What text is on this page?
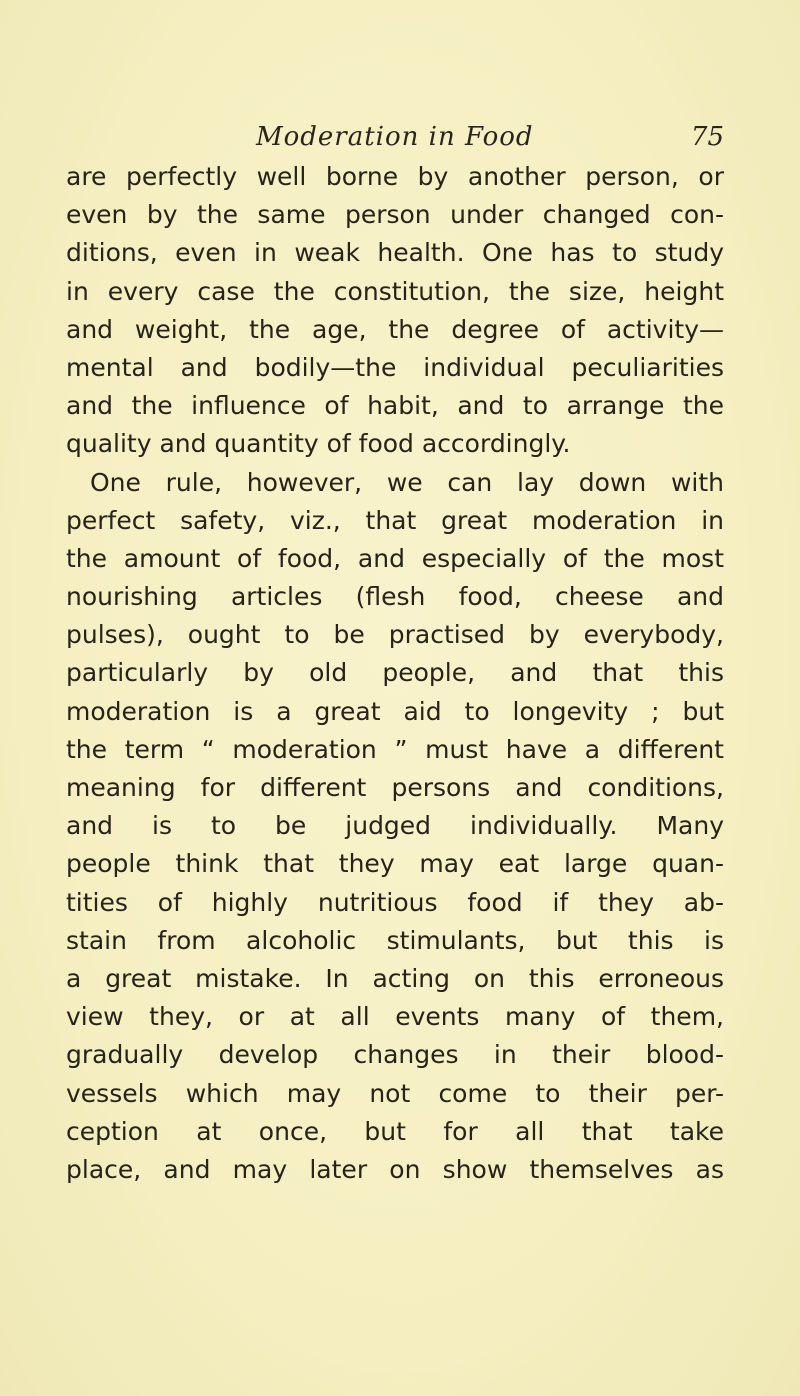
Moderation in Food	75
are perfectly well borne by another person, or
even by the same person under changed con-
ditions, even in weak health. One has to study
in every case the constitution, the size, height
and weight, the age, the degree of activity—
mental and bodily—the individual peculiarities
and the influence of habit, and to arrange the
quality and quantity of food accordingly.
One rule, however, we can lay down with
perfect safety, viz., that great moderation in
the amount of food, and especially of the most
nourishing articles (flesh food, cheese and
pulses), ought to be practised by everybody,
particularly by old people, and that this
moderation is a great aid to longevity ; but
the term “ moderation ” must have a different
meaning for different persons and conditions,
and is to be judged individually. Many
people think that they may eat large quan-
tities of highly nutritious food if they ab-
stain from alcoholic stimulants, but this is
a great mistake. In acting on this erroneous
view they, or at all events many of them,
gradually develop changes in their blood-
vessels which may not come to their per-
ception at once, but for all that take
place, and may later on show themselves as
